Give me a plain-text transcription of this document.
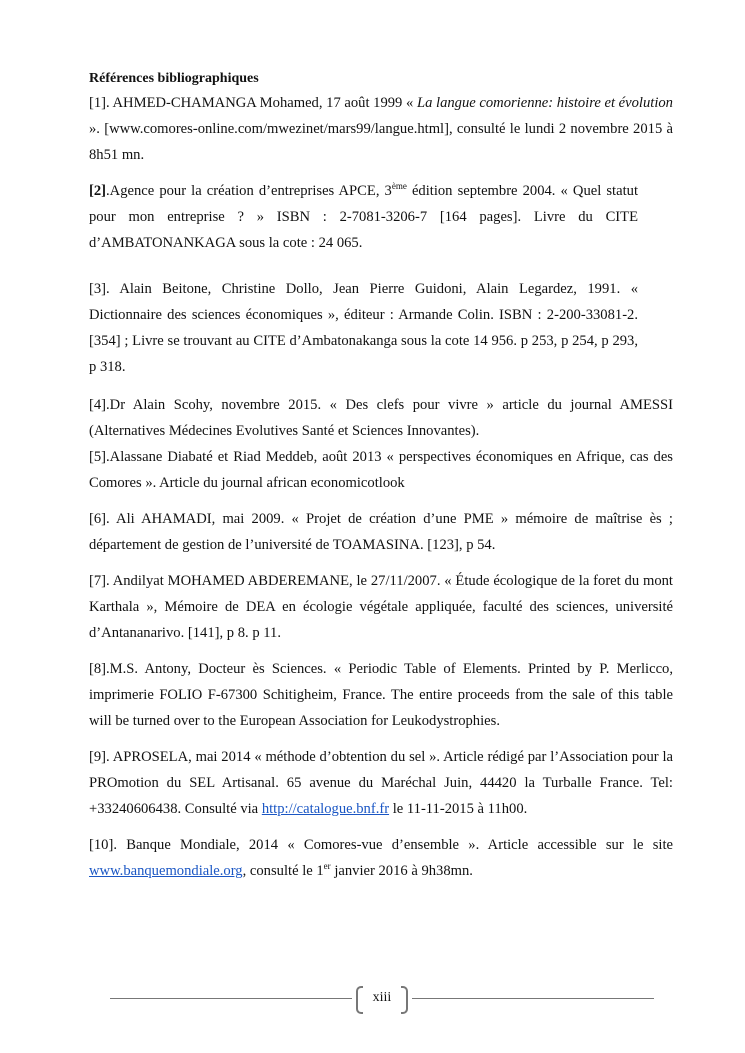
Références bibliographiques

[1]. AHMED-CHAMANGA Mohamed, 17 août 1999 « La langue comorienne: histoire et évolution ». [www.comores-online.com/mwezinet/mars99/langue.html], consulté le lundi 2 novembre 2015 à 8h51 mn.

[2].Agence pour la création d’entreprises APCE, 3ème édition septembre 2004. « Quel statut pour mon entreprise ? » ISBN : 2-7081-3206-7 [164 pages]. Livre du CITE d’AMBATONANKAGA sous la cote : 24 065.

[3]. Alain Beitone, Christine Dollo, Jean Pierre Guidoni, Alain Legardez, 1991. « Dictionnaire des sciences économiques », éditeur : Armande Colin. ISBN : 2-200-33081-2. [354] ; Livre se trouvant au CITE d’Ambatonakanga sous la cote 14 956. p 253, p 254, p 293, p 318.

[4].Dr Alain Scohy, novembre 2015. « Des clefs pour vivre » article du journal AMESSI (Alternatives Médecines Evolutives Santé et Sciences Innovantes).

[5].Alassane Diabaté et Riad Meddeb, août 2013 « perspectives économiques en Afrique, cas des Comores ». Article du journal african economicotlook

[6]. Ali AHAMADI, mai 2009. « Projet de création d’une PME » mémoire de maîtrise ès ; département de gestion de l’université de TOAMASINA. [123], p 54.

[7]. Andilyat MOHAMED ABDEREMANE, le 27/11/2007. « Étude écologique de la foret du mont Karthala », Mémoire de DEA en écologie végétale appliquée, faculté des sciences, université d’Antananarivo. [141], p 8. p 11.

[8].M.S. Antony, Docteur ès Sciences. « Periodic Table of Elements. Printed by P. Merlicco, imprimerie FOLIO F-67300 Schitigheim, France. The entire proceeds from the sale of this table will be turned over to the European Association for Leukodystrophies.

[9]. APROSELA, mai 2014 « méthode d’obtention du sel ». Article rédigé par l’Association pour la PROmotion du SEL Artisanal. 65 avenue du Maréchal Juin, 44420 la Turballe France. Tel: +33240606438. Consulté via http://catalogue.bnf.fr le 11-11-2015 à 11h00.

[10]. Banque Mondiale, 2014 « Comores-vue d’ensemble ». Article accessible sur le site www.banquemondiale.org, consulté le 1er janvier 2016 à 9h38mn.

xiii
